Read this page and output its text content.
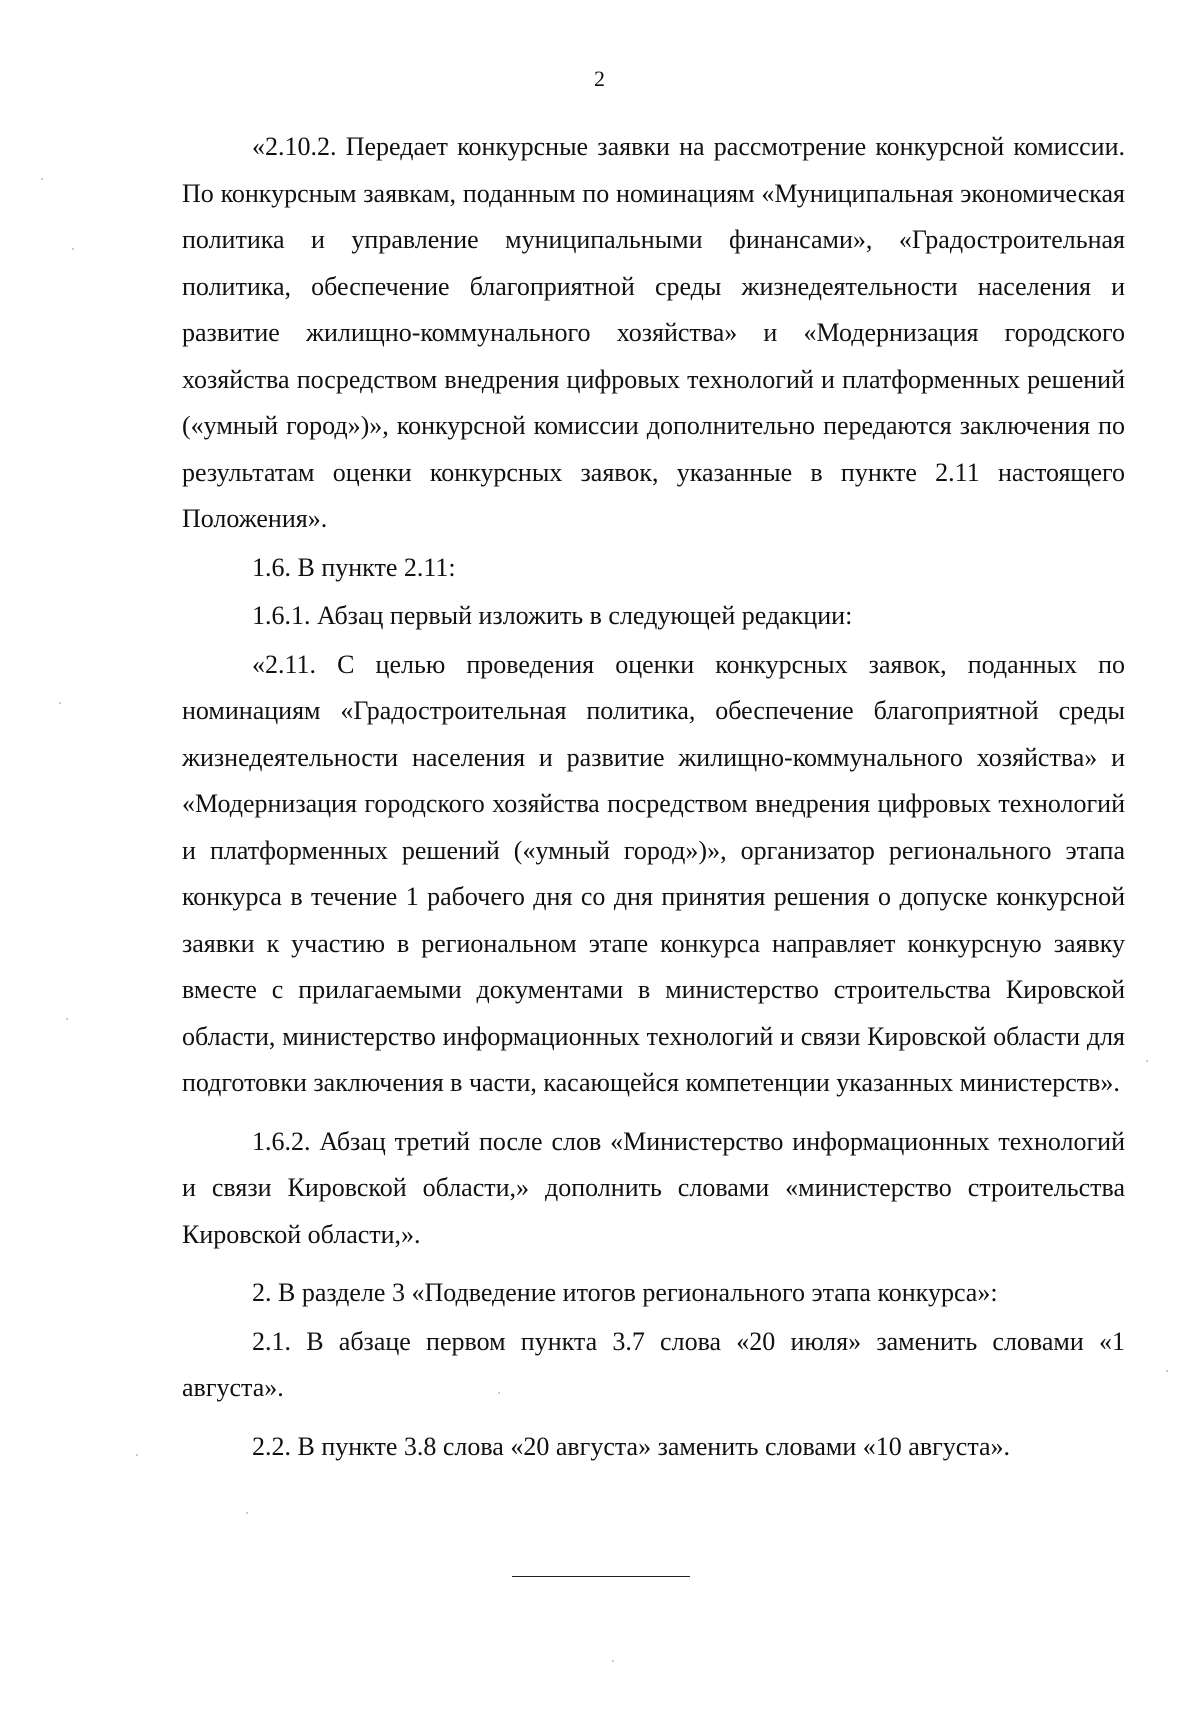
2

«2.10.2. Передает конкурсные заявки на рассмотрение конкурсной комиссии. По конкурсным заявкам, поданным по номинациям «Муниципальная экономическая политика и управление муниципальными финансами», «Градостроительная политика, обеспечение благоприятной среды жизнедеятельности населения и развитие жилищно-коммунального хозяйства» и «Модернизация городского хозяйства посредством внедрения цифровых технологий и платформенных решений («умный город»)», конкурсной комиссии дополнительно передаются заключения по результатам оценки конкурсных заявок, указанные в пункте 2.11 настоящего Положения».

1.6. В пункте 2.11:

1.6.1. Абзац первый изложить в следующей редакции:

«2.11. С целью проведения оценки конкурсных заявок, поданных по номинациям «Градостроительная политика, обеспечение благоприятной среды жизнедеятельности населения и развитие жилищно-коммунального хозяйства» и «Модернизация городского хозяйства посредством внедрения цифровых технологий и платформенных решений («умный город»)», организатор регионального этапа конкурса в течение 1 рабочего дня со дня принятия решения о допуске конкурсной заявки к участию в региональном этапе конкурса направляет конкурсную заявку вместе с прилагаемыми документами в министерство строительства Кировской области, министерство информационных технологий и связи Кировской области для подготовки заключения в части, касающейся компетенции указанных министерств».

1.6.2. Абзац третий после слов «Министерство информационных технологий и связи Кировской области,» дополнить словами «министерство строительства Кировской области,».

2. В разделе 3 «Подведение итогов регионального этапа конкурса»:

2.1. В абзаце первом пункта 3.7 слова «20 июля» заменить словами «1 августа».

2.2. В пункте 3.8 слова «20 августа» заменить словами «10 августа».
